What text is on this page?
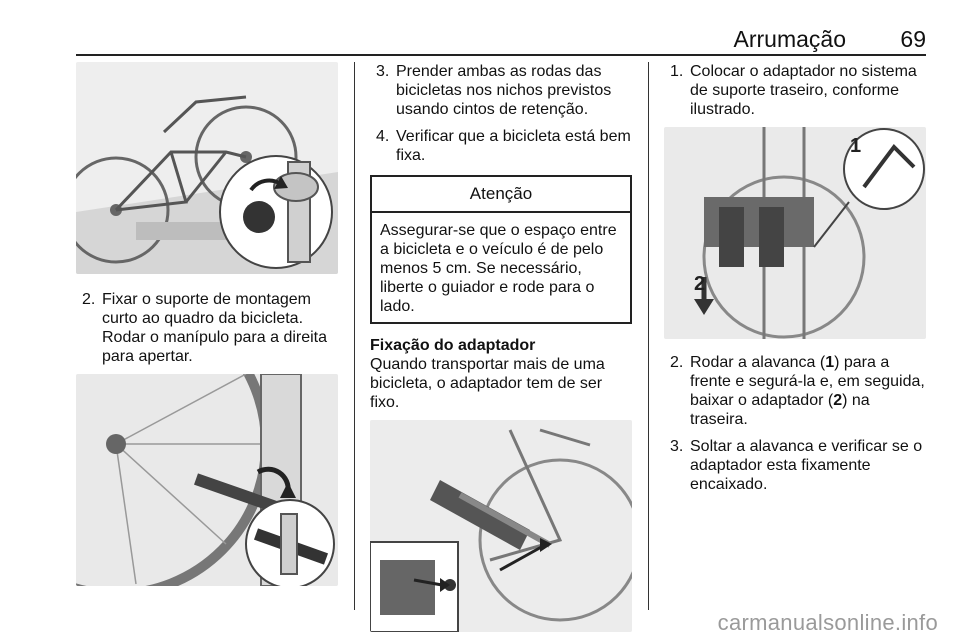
Arrumação 69
2. Fixar o suporte de montagem curto ao quadro da bicicleta. Rodar o manípulo para a direita para apertar.
3. Prender ambas as rodas das bicicletas nos nichos previstos usando cintos de retenção.
4. Verificar que a bicicleta está bem fixa.
Atenção
Assegurar-se que o espaço entre a bicicleta e o veículo é de pelo menos 5 cm. Se necessário, liberte o guiador e rode para o lado.
Fixação do adaptador
Quando transportar mais de uma bicicleta, o adaptador tem de ser fixo.
1. Colocar o adaptador no sistema de suporte traseiro, conforme ilustrado.
1
2
2. Rodar a alavanca (1) para a frente e segurá-la e, em seguida, baixar o adaptador (2) na traseira.
3. Soltar a alavanca e verificar se o adaptador esta fixamente encaixado.
carmanualsonline.info
